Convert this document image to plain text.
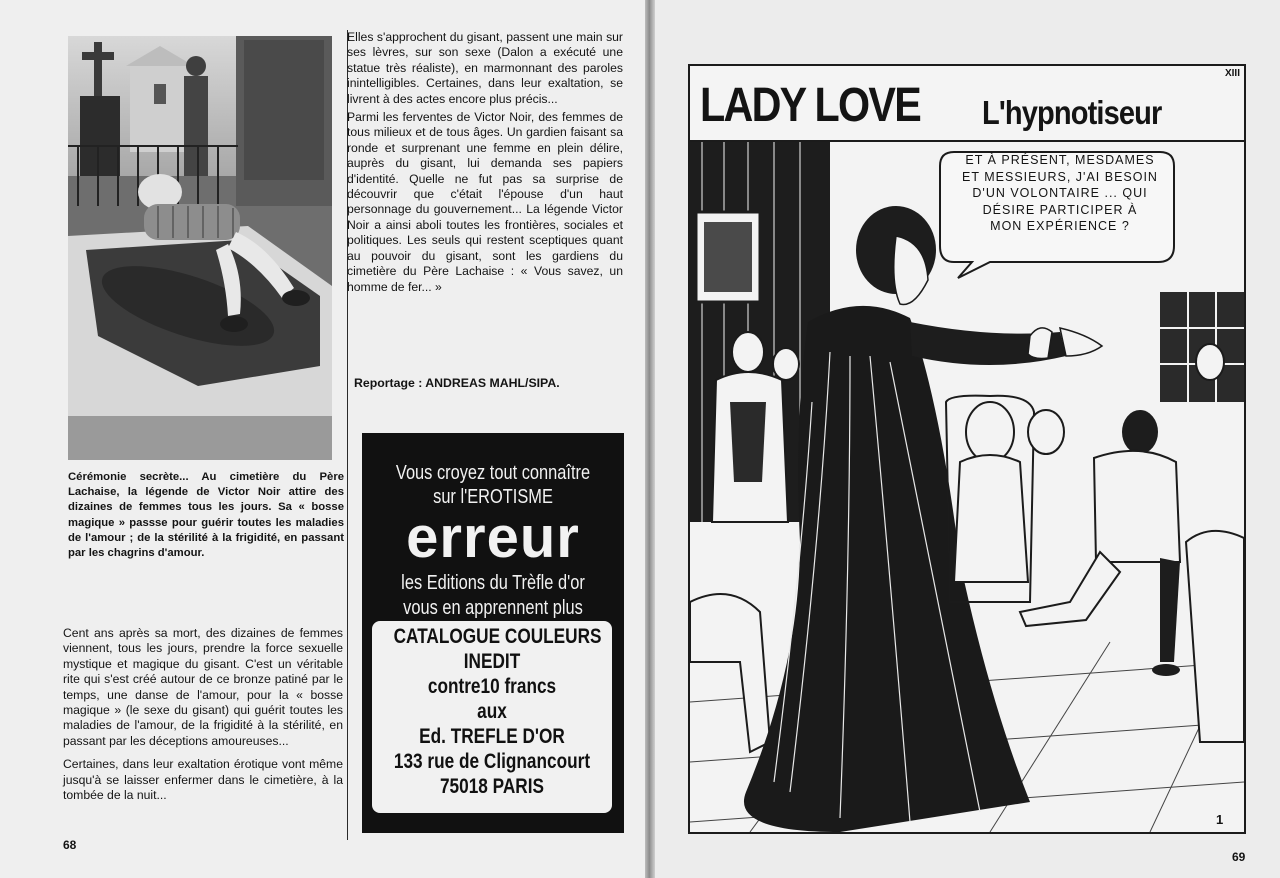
Cérémonie secrète... Au cimetière du Père Lachaise, la légende de Victor Noir attire des dizaines de femmes tous les jours. Sa « bosse magique » passse pour guérir toutes les maladies de l'amour ; de la stérilité à la frigidité, en passant par les chagrins d'amour.

Cent ans après sa mort, des dizaines de femmes viennent, tous les jours, prendre la force sexuelle mystique et magique du gisant. C'est un véritable rite qui s'est créé autour de ce bronze patiné par le temps, une danse de l'amour, pour la « bosse magique » (le sexe du gisant) qui guérit toutes les maladies de l'amour, de la frigidité à la stérilité, en passant par les déceptions amoureuses...

Certaines, dans leur exaltation érotique vont même jusqu'à se laisser enfermer dans le cimetière, à la tombée de la nuit...

68

Elles s'approchent du gisant, passent une main sur ses lèvres, sur son sexe (Dalon a exécuté une statue très réaliste), en marmonnant des paroles inintelligibles. Certaines, dans leur exaltation, se livrent à des actes encore plus précis...

Parmi les ferventes de Victor Noir, des femmes de tous milieux et de tous âges. Un gardien faisant sa ronde et surprenant une femme en plein délire, auprès du gisant, lui demanda ses papiers d'identité. Quelle ne fut pas sa surprise de découvrir que c'était l'épouse d'un haut personnage du gouvernement... La légende Victor Noir a ainsi aboli toutes les frontières, sociales et politiques. Les seuls qui restent sceptiques quant au pouvoir du gisant, sont les gardiens du cimetière du Père Lachaise : « Vous savez, un homme de fer... »

Reportage : ANDREAS MAHL/SIPA.
Vous croyez tout connaître
sur l'EROTISME
erreur
les Editions du Trèfle d'or
vous en apprennent plus
CATALOGUE COULEURS
INEDIT
contre10 francs
aux
Ed. TREFLE D'OR
133 rue de Clignancourt
75018 PARIS
LADY LOVE L'hypnotiseur
XIII
ET À PRÉSENT, MESDAMES
ET MESSIEURS, J'AI BESOIN
D'UN VOLONTAIRE ... QUI
DÉSIRE PARTICIPER À
MON EXPÉRIENCE ?
1
69
